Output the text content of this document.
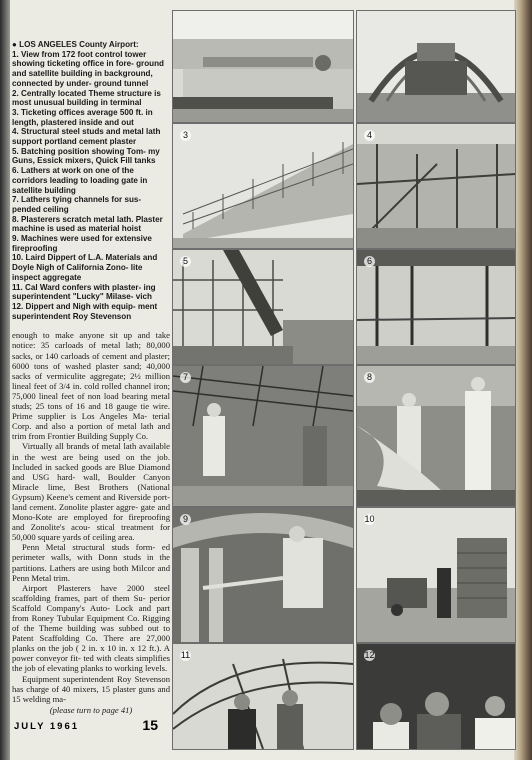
● LOS ANGELES County Airport:

1. View from 172 foot control tower showing ticketing office in fore- ground and satellite building in background, connected by under- ground tunnel

2. Centrally located Theme structure is most unusual building in terminal

3. Ticketing offices average 500 ft. in length, plastered inside and out

4. Structural steel studs and metal lath support portland cement plaster

5. Batching position showing Tom- my Guns, Essick mixers, Quick Fill tanks

6. Lathers at work on one of the corridors leading to loading gate in satellite building

7. Lathers tying channels for sus- pended ceiling

8. Plasterers scratch metal lath. Plaster machine is used as material hoist

9. Machines were used for extensive fireproofing

10. Laird Dippert of L.A. Materials and Doyle Nigh of California Zono- lite inspect aggregate

11. Cal Ward confers with plaster- ing superintendent "Lucky" Milase- vich

12. Dippert and Nigh with equip- ment superintendent Roy Stevenson

enough to make anyone sit up and take notice: 35 carloads of metal lath; 80,000 sacks, or 140 carloads of cement and plaster; 6000 tons of washed plaster sand; 40,000 sacks of vermiculite aggregate; 2½ million lineal feet of 3/4 in. cold rolled channel iron; 75,000 lineal feet of non load bearing metal studs; 25 tons of 16 and 18 gauge tie wire. Prime supplier is Los Angeles Ma- terial Corp. and also a portion of metal lath and trim from Frontier Building Supply Co.

Virtually all brands of metal lath available in the west are being used on the job. Included in sacked goods are Blue Diamond and USG hard- wall, Boulder Canyon Miracle lime, Best Brothers (National Gypsum) Keene's cement and Riverside port- land cement. Zonolite plaster aggre- gate and Mono-Kote are employed for fireproofing and Zonolite's acou- stical treatment for 50,000 square yards of ceiling area.

Penn Metal structural studs form- ed perimeter walls, with Donn studs in the partitions. Lathers are using both Milcor and Penn Metal trim.

Airport Plasterers have 2000 steel scaffolding frames, part of them Su- perior Scaffold Company's Auto- Lock and part from Roney Tubular Equipment Co. Rigging of the Theme building was subbed out to Patent Scaffolding Co. There are 27,000 planks on the job ( 2 in. x 10 in. x 12 ft.). A power conveyor fit- ted with cleats simplifies the job of elevating planks to working levels.

Equipment superintendent Roy Stevenson has charge of 40 mixers, 15 plaster guns and 15 welding ma-

(please turn to page 41)
JULY 1961	15
3	4
5	6
7	8
9	10
11	12
